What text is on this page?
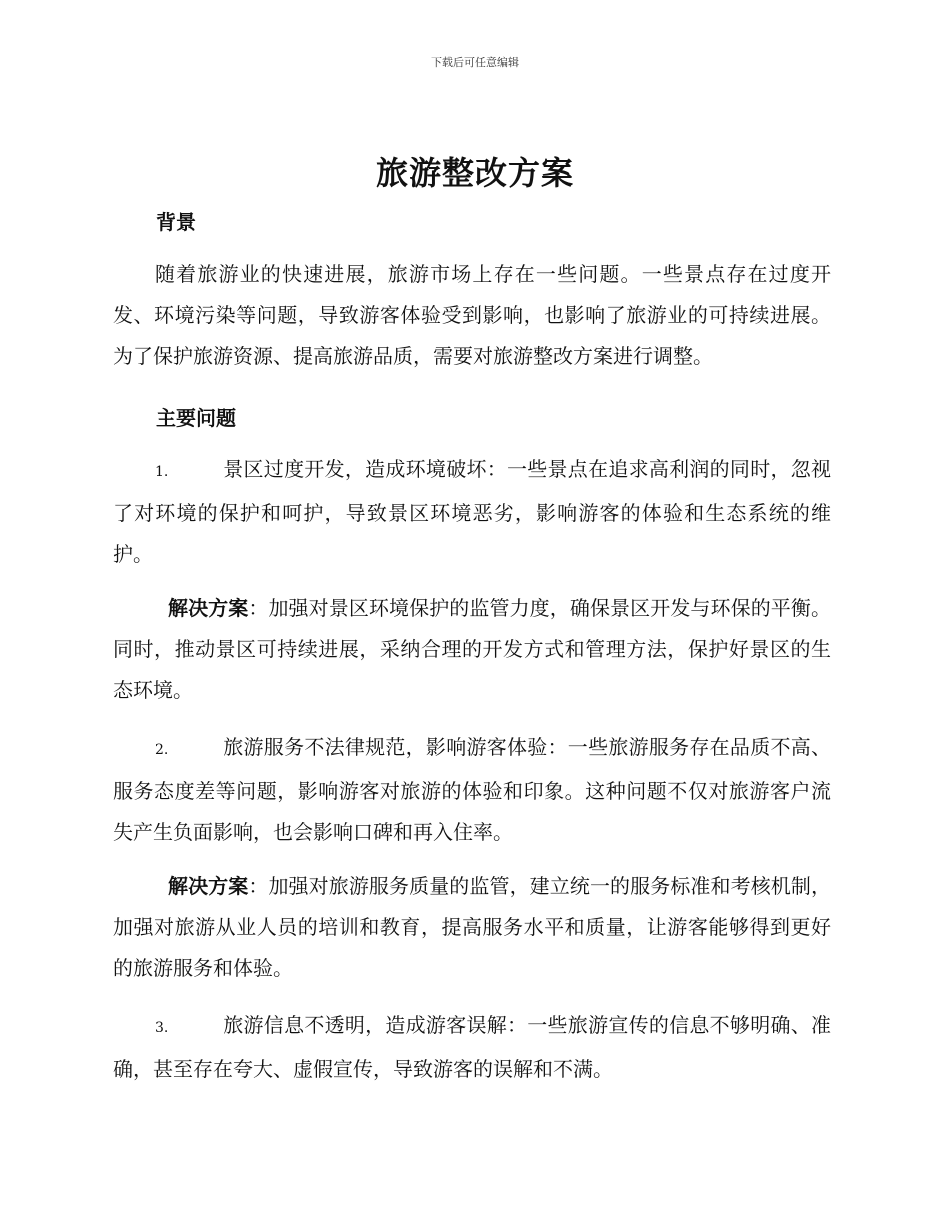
下载后可任意编辑
旅游整改方案
背景

随着旅游业的快速进展，旅游市场上存在一些问题。一些景点存在过度开发、环境污染等问题，导致游客体验受到影响，也影响了旅游业的可持续进展。为了保护旅游资源、提高旅游品质，需要对旅游整改方案进行调整。

主要问题

1.	景区过度开发，造成环境破坏：一些景点在追求高利润的同时，忽视了对环境的保护和呵护，导致景区环境恶劣，影响游客的体验和生态系统的维护。

解决方案：加强对景区环境保护的监管力度，确保景区开发与环保的平衡。同时，推动景区可持续进展，采纳合理的开发方式和管理方法，保护好景区的生态环境。

2.	旅游服务不法律规范，影响游客体验：一些旅游服务存在品质不高、服务态度差等问题，影响游客对旅游的体验和印象。这种问题不仅对旅游客户流失产生负面影响，也会影响口碑和再入住率。

解决方案：加强对旅游服务质量的监管，建立统一的服务标准和考核机制，加强对旅游从业人员的培训和教育，提高服务水平和质量，让游客能够得到更好的旅游服务和体验。

3.	旅游信息不透明，造成游客误解：一些旅游宣传的信息不够明确、准确，甚至存在夸大、虚假宣传，导致游客的误解和不满。
